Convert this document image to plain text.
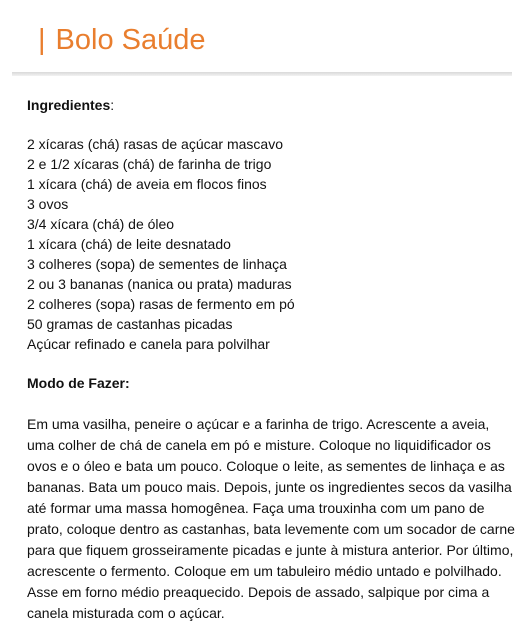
| Bolo Saúde
Ingredientes:
2 xícaras (chá) rasas de açúcar mascavo
2 e 1/2 xícaras (chá) de farinha de trigo
1 xícara (chá) de aveia em flocos finos
3 ovos
3/4 xícara (chá) de óleo
1 xícara (chá) de leite desnatado
3 colheres (sopa) de sementes de linhaça
2 ou 3 bananas (nanica ou prata) maduras
2 colheres (sopa) rasas de fermento em pó
50 gramas de castanhas picadas
Açúcar refinado e canela para polvilhar
Modo de Fazer:

Em uma vasilha, peneire o açúcar e a farinha de trigo. Acrescente a aveia, uma colher de chá de canela em pó e misture. Coloque no liquidificador os ovos e o óleo e bata um pouco. Coloque o leite, as sementes de linhaça e as bananas. Bata um pouco mais. Depois, junte os ingredientes secos da vasilha até formar uma massa homogênea. Faça uma trouxinha com um pano de prato, coloque dentro as castanhas, bata levemente com um socador de carne para que fiquem grosseiramente picadas e junte à mistura anterior. Por último, acrescente o fermento. Coloque em um tabuleiro médio untado e polvilhado. Asse em forno médio preaquecido. Depois de assado, salpique por cima a canela misturada com o açúcar.
